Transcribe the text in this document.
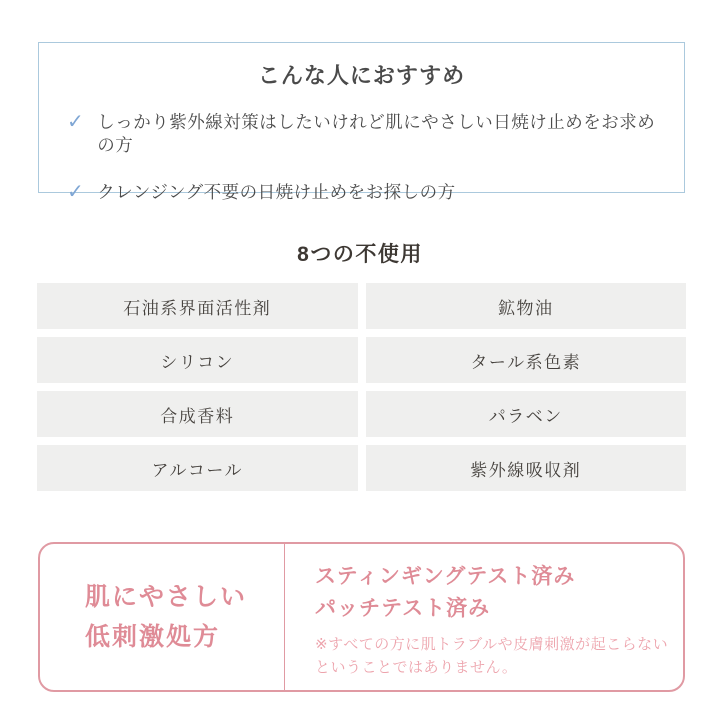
こんな人におすすめ
✓ しっかり紫外線対策はしたいけれど肌にやさしい日焼け止めをお求めの方
✓ クレンジング不要の日焼け止めをお探しの方
8つの不使用
石油系界面活性剤	鉱物油
シリコン	タール系色素
合成香料	パラベン
アルコール	紫外線吸収剤
肌にやさしい
低刺激処方
スティンギングテスト済み
パッチテスト済み
※すべての方に肌トラブルや皮膚刺激が起こらない
ということではありません。
